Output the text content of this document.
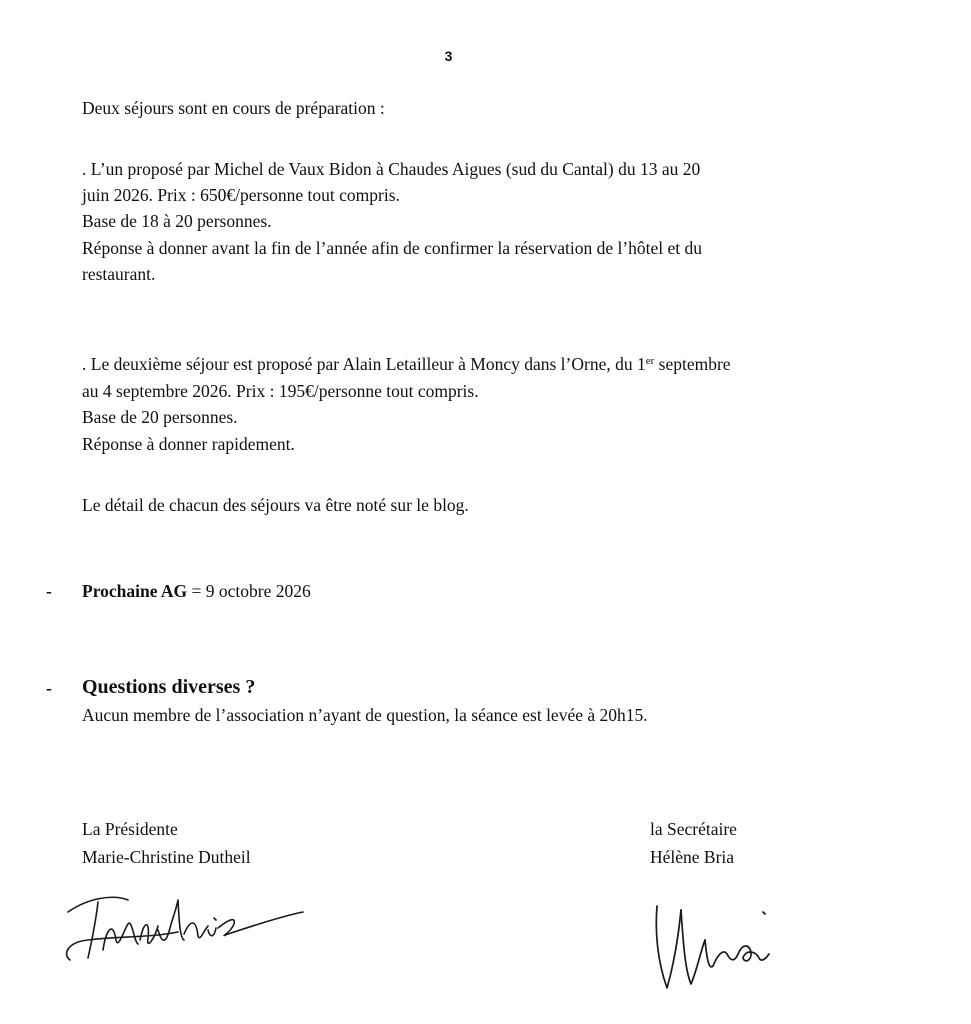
3
Deux séjours sont en cours de préparation :
. L’un proposé par Michel de Vaux Bidon à Chaudes Aigues (sud du Cantal) du 13 au 20
juin 2026. Prix : 650€/personne tout compris.
Base de 18 à 20 personnes.
Réponse à donner avant la fin de l’année afin de confirmer la réservation de l’hôtel et du
restaurant.
. Le deuxième séjour est proposé par Alain Letailleur à Moncy dans l’Orne, du 1er septembre
au 4 septembre 2026. Prix : 195€/personne tout compris.
Base de 20 personnes.
Réponse à donner rapidement.
Le détail de chacun des séjours va être noté sur le blog.
- Prochaine AG = 9 octobre 2026
- Questions diverses ?
Aucun membre de l’association n’ayant de question, la séance est levée à 20h15.
La Présidente
Marie-Christine Dutheil
la Secrétaire
Hélène Bria
